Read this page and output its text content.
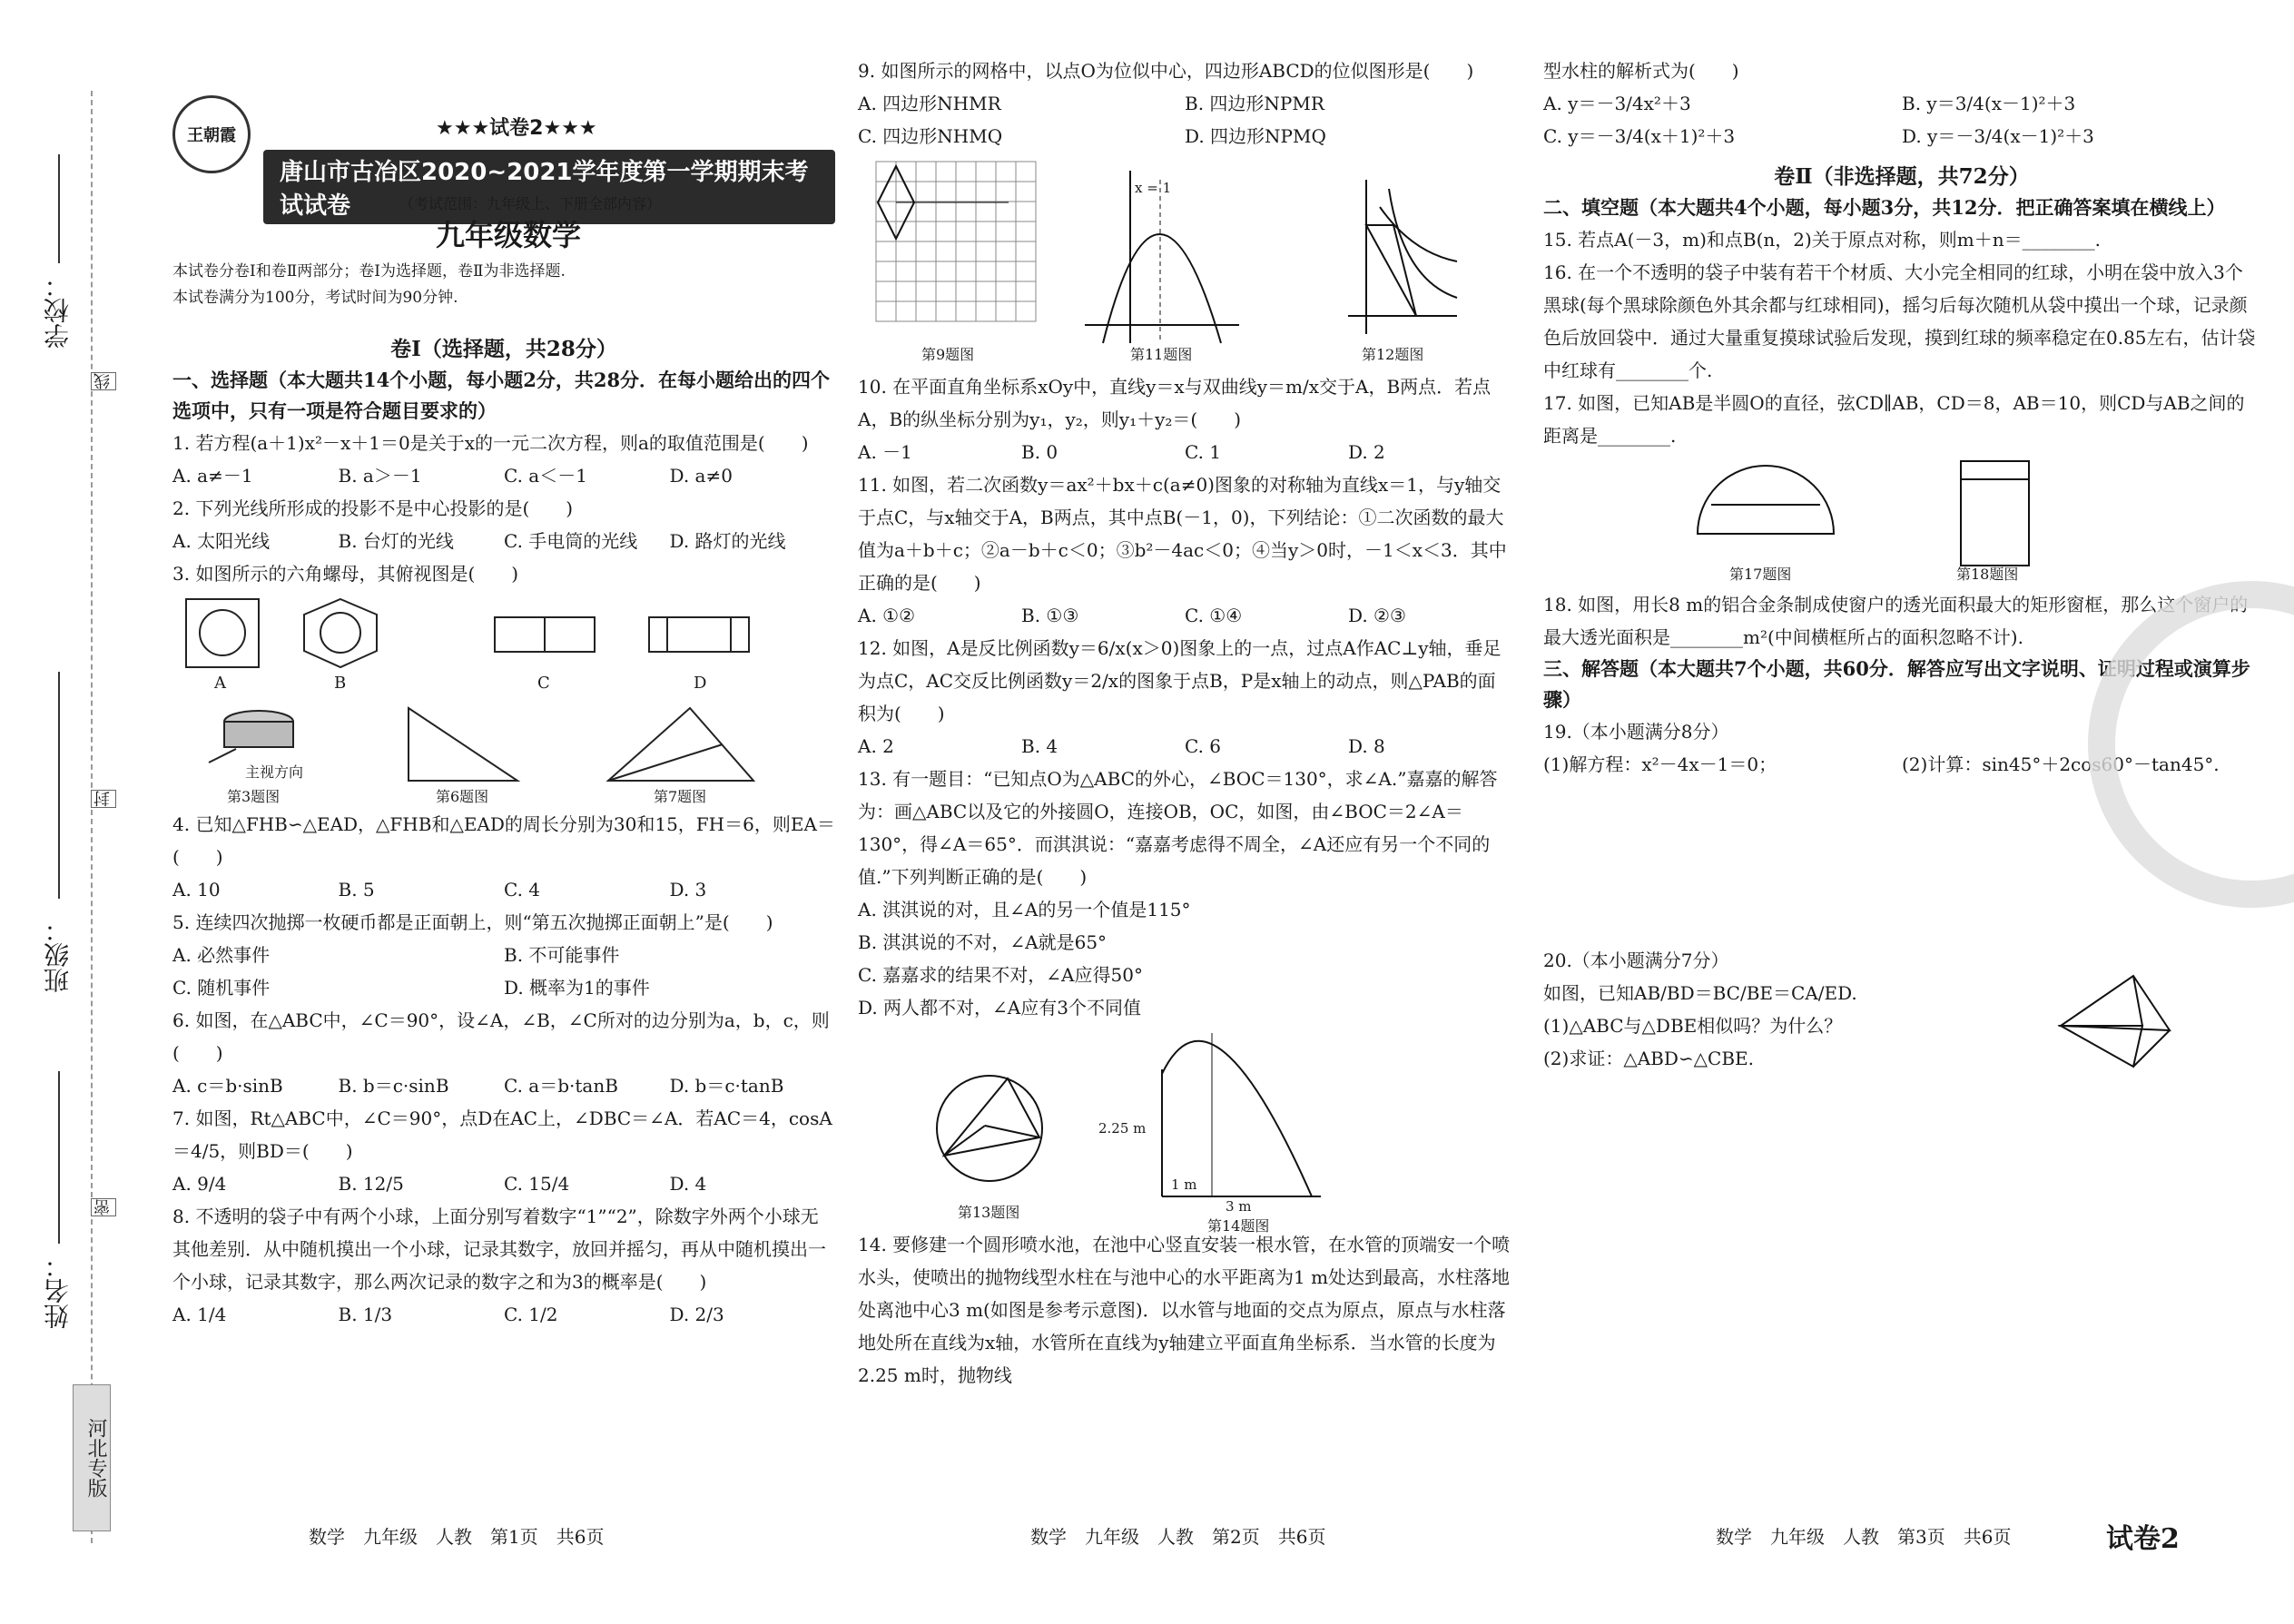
学校：
班级：
姓名：
线
封
密
河北专版
王朝霞	★★★试卷2★★★
唐山市古冶区2020~2021学年度第一学期期末考试试卷	（考试范围：九年级上、下册全部内容）
九年级数学
本试卷分卷Ⅰ和卷Ⅱ两部分；卷Ⅰ为选择题，卷Ⅱ为非选择题.
本试卷满分为100分，考试时间为90分钟.
卷Ⅰ（选择题，共28分）
一、选择题（本大题共14个小题，每小题2分，共28分．在每小题给出的四个选项中，只有一项是符合题目要求的）
1. 若方程(a＋1)x²－x＋1＝0是关于x的一元二次方程，则a的取值范围是(　　)
A. a≠－1	B. a＞－1	C. a＜－1	D. a≠0
2. 下列光线所形成的投影不是中心投影的是(　　)
A. 太阳光线	B. 台灯的光线	C. 手电筒的光线	D. 路灯的光线
3. 如图所示的六角螺母，其俯视图是(　　)
A	B	C	D
主视方向
第3题图	第6题图	第7题图
4. 已知△FHB∽△EAD，△FHB和△EAD的周长分别为30和15，FH＝6，则EA＝(　　)
A. 10	B. 5	C. 4	D. 3
5. 连续四次抛掷一枚硬币都是正面朝上，则“第五次抛掷正面朝上”是(　　)
A. 必然事件	B. 不可能事件
C. 随机事件	D. 概率为1的事件
6. 如图，在△ABC中，∠C＝90°，设∠A，∠B，∠C所对的边分别为a，b，c，则(　　)
A. c＝b·sinB	B. b＝c·sinB	C. a＝b·tanB	D. b＝c·tanB
7. 如图，Rt△ABC中，∠C＝90°，点D在AC上，∠DBC＝∠A．若AC＝4，cosA＝4/5，则BD＝(　　)
A. 9/4	B. 12/5	C. 15/4	D. 4
8. 不透明的袋子中有两个小球，上面分别写着数字“1”“2”，除数字外两个小球无其他差别．从中随机摸出一个小球，记录其数字，放回并摇匀，再从中随机摸出一个小球，记录其数字，那么两次记录的数字之和为3的概率是(　　)
A. 1/4	B. 1/3	C. 1/2	D. 2/3
9. 如图所示的网格中，以点O为位似中心，四边形ABCD的位似图形是(　　)
A. 四边形NHMR	B. 四边形NPMR
C. 四边形NHMQ	D. 四边形NPMQ
x = 1
第9题图	第11题图	第12题图
10. 在平面直角坐标系xOy中，直线y＝x与双曲线y＝m/x交于A，B两点．若点A，B的纵坐标分别为y₁，y₂，则y₁＋y₂＝(　　)
A. －1	B. 0	C. 1	D. 2
11. 如图，若二次函数y＝ax²＋bx＋c(a≠0)图象的对称轴为直线x＝1，与y轴交于点C，与x轴交于A，B两点，其中点B(－1，0)，下列结论：①二次函数的最大值为a＋b＋c；②a－b＋c＜0；③b²－4ac＜0；④当y＞0时，－1＜x＜3．其中正确的是(　　)
A. ①②	B. ①③	C. ①④	D. ②③
12. 如图，A是反比例函数y＝6/x(x＞0)图象上的一点，过点A作AC⊥y轴，垂足为点C，AC交反比例函数y＝2/x的图象于点B，P是x轴上的动点，则△PAB的面积为(　　)
A. 2	B. 4	C. 6	D. 8
13. 有一题目：“已知点O为△ABC的外心，∠BOC＝130°，求∠A.”嘉嘉的解答为：画△ABC以及它的外接圆O，连接OB，OC，如图，由∠BOC＝2∠A＝130°，得∠A＝65°．而淇淇说：“嘉嘉考虑得不周全，∠A还应有另一个不同的值.”下列判断正确的是(　　)
A. 淇淇说的对，且∠A的另一个值是115°
B. 淇淇说的不对，∠A就是65°
C. 嘉嘉求的结果不对，∠A应得50°
D. 两人都不对，∠A应有3个不同值
2.25 m
1 m
3 m
第13题图
第14题图
14. 要修建一个圆形喷水池，在池中心竖直安装一根水管，在水管的顶端安一个喷水头，使喷出的抛物线型水柱在与池中心的水平距离为1 m处达到最高，水柱落地处离池中心3 m(如图是参考示意图)．以水管与地面的交点为原点，原点与水柱落地处所在直线为x轴，水管所在直线为y轴建立平面直角坐标系．当水管的长度为2.25 m时，抛物线
型水柱的解析式为(　　)
A. y＝－3/4x²＋3	B. y＝3/4(x－1)²＋3
C. y＝－3/4(x＋1)²＋3	D. y＝－3/4(x－1)²＋3
卷Ⅱ（非选择题，共72分）
二、填空题（本大题共4个小题，每小题3分，共12分．把正确答案填在横线上）
15. 若点A(－3，m)和点B(n，2)关于原点对称，则m＋n＝________.
16. 在一个不透明的袋子中装有若干个材质、大小完全相同的红球，小明在袋中放入3个黑球(每个黑球除颜色外其余都与红球相同)，摇匀后每次随机从袋中摸出一个球，记录颜色后放回袋中．通过大量重复摸球试验后发现，摸到红球的频率稳定在0.85左右，估计袋中红球有________个.
17. 如图，已知AB是半圆O的直径，弦CD∥AB，CD＝8，AB＝10，则CD与AB之间的距离是________.
第17题图	第18题图
18. 如图，用长8 m的铝合金条制成使窗户的透光面积最大的矩形窗框，那么这个窗户的最大透光面积是________m²(中间横框所占的面积忽略不计).
三、解答题（本大题共7个小题，共60分．解答应写出文字说明、证明过程或演算步骤）
19.（本小题满分8分）
(1)解方程：x²－4x－1＝0；	(2)计算：sin45°＋2cos60°－tan45°.
20.（本小题满分7分）
如图，已知AB/BD＝BC/BE＝CA/ED.
(1)△ABC与△DBE相似吗？为什么？
(2)求证：△ABD∽△CBE.
数学　九年级　人教　第1页　共6页	数学　九年级　人教　第2页　共6页	数学　九年级　人教　第3页　共6页	试卷2
